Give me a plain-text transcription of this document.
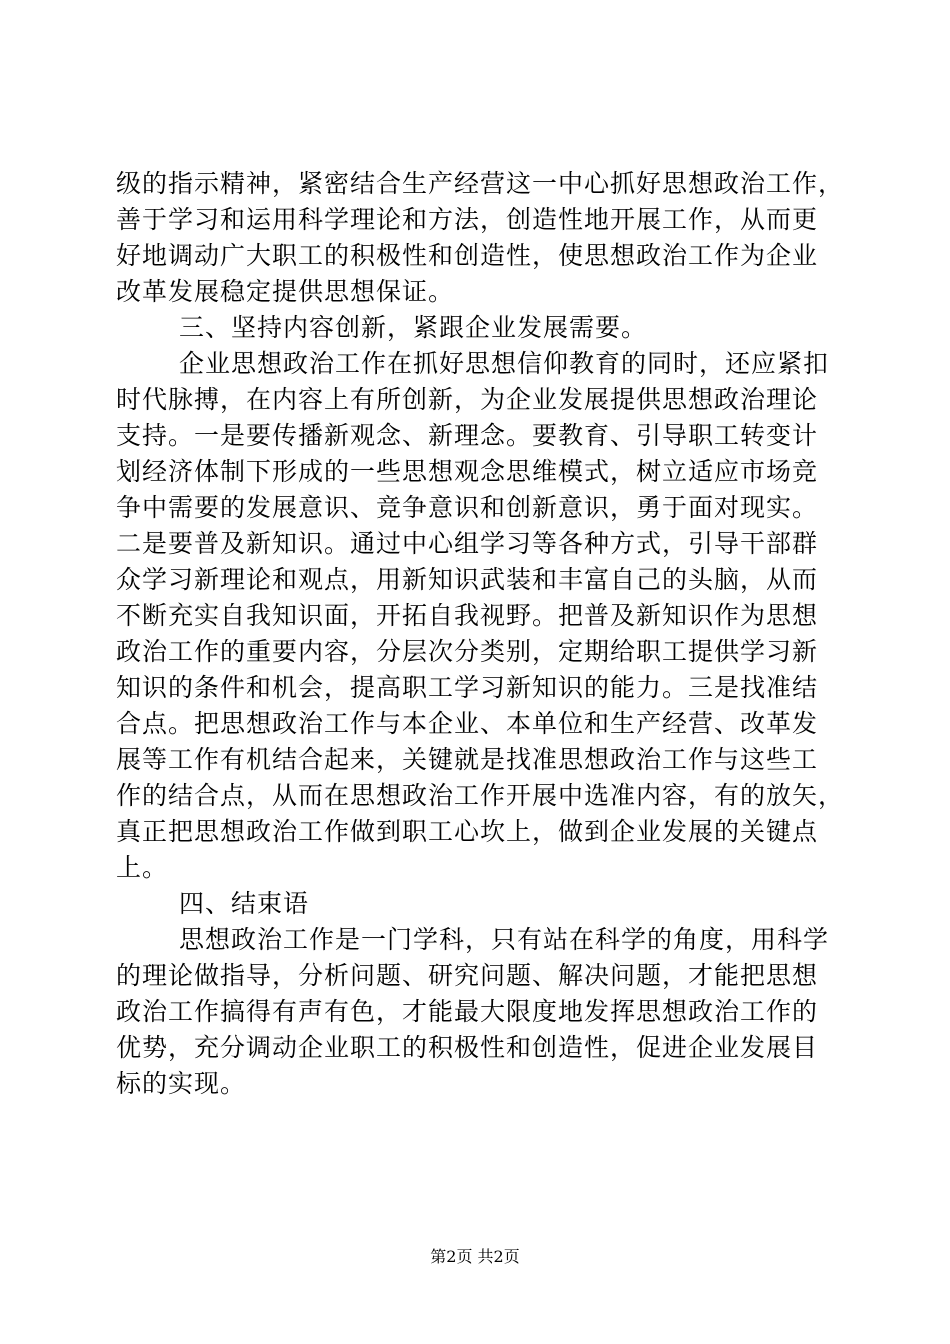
级的指示精神，紧密结合生产经营这一中心抓好思想政治工作，
善于学习和运用科学理论和方法，创造性地开展工作，从而更
好地调动广大职工的积极性和创造性，使思想政治工作为企业
改革发展稳定提供思想保证。
三、坚持内容创新，紧跟企业发展需要。
企业思想政治工作在抓好思想信仰教育的同时，还应紧扣
时代脉搏，在内容上有所创新，为企业发展提供思想政治理论
支持。一是要传播新观念、新理念。要教育、引导职工转变计
划经济体制下形成的一些思想观念思维模式，树立适应市场竞
争中需要的发展意识、竞争意识和创新意识，勇于面对现实。
二是要普及新知识。通过中心组学习等各种方式，引导干部群
众学习新理论和观点，用新知识武装和丰富自己的头脑，从而
不断充实自我知识面，开拓自我视野。把普及新知识作为思想
政治工作的重要内容，分层次分类别，定期给职工提供学习新
知识的条件和机会，提高职工学习新知识的能力。三是找准结
合点。把思想政治工作与本企业、本单位和生产经营、改革发
展等工作有机结合起来，关键就是找准思想政治工作与这些工
作的结合点，从而在思想政治工作开展中选准内容，有的放矢，
真正把思想政治工作做到职工心坎上，做到企业发展的关键点
上。
四、结束语
思想政治工作是一门学科，只有站在科学的角度，用科学
的理论做指导，分析问题、研究问题、解决问题，才能把思想
政治工作搞得有声有色，才能最大限度地发挥思想政治工作的
优势，充分调动企业职工的积极性和创造性，促进企业发展目
标的实现。
第2页 共2页
